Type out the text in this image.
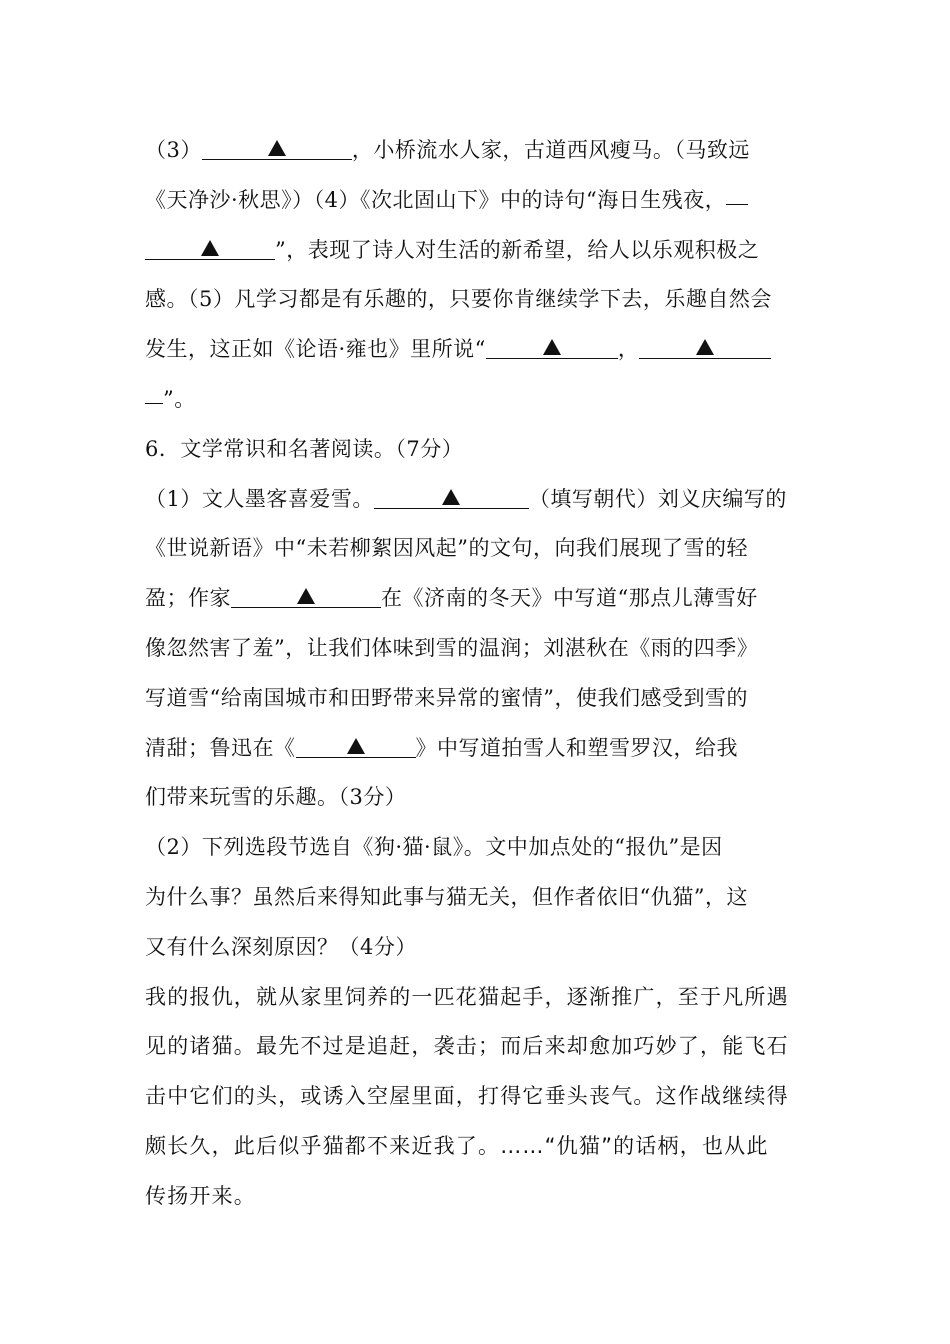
（3）	，小桥流水人家，古道西风瘦马。（马致远
《天净沙·秋思》）（4）《次北固山下》中的诗句“海日生残夜，
”，表现了诗人对生活的新希望，给人以乐观积极之
感。（5）凡学习都是有乐趣的，只要你肯继续学下去，乐趣自然会
发生，这正如《论语·雍也》里所说“	，
”。
6．文学常识和名著阅读。（7分）
（1）文人墨客喜爱雪。	（填写朝代）刘义庆编写的
《世说新语》中“未若柳絮因风起”的文句，向我们展现了雪的轻
盈；作家	在《济南的冬天》中写道“那点儿薄雪好
像忽然害了羞”，让我们体味到雪的温润；刘湛秋在《雨的四季》
写道雪“给南国城市和田野带来异常的蜜情”，使我们感受到雪的
清甜；鲁迅在《	》中写道拍雪人和塑雪罗汉，给我
们带来玩雪的乐趣。（3分）
（2）下列选段节选自《狗·猫·鼠》。文中加点处的“报仇”是因
为什么事？虽然后来得知此事与猫无关，但作者依旧“仇猫”，这
又有什么深刻原因？（4分）
我的报仇，就从家里饲养的一匹花猫起手，逐渐推广，至于凡所遇
见的诸猫。最先不过是追赶，袭击；而后来却愈加巧妙了，能飞石
击中它们的头，或诱入空屋里面，打得它垂头丧气。这作战继续得
颇长久，此后似乎猫都不来近我了。……“仇猫”的话柄，也从此
传扬开来。
